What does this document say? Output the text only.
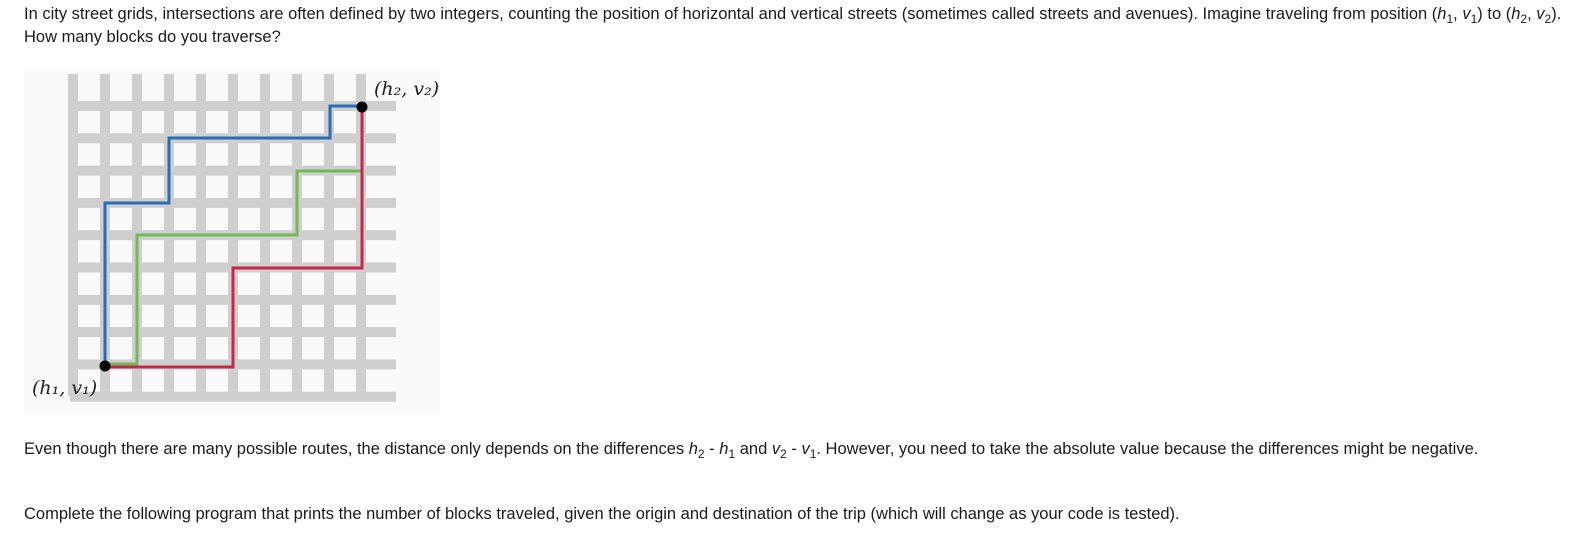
In city street grids, intersections are often defined by two integers, counting the position of horizontal and vertical streets (sometimes called streets and avenues). Imagine traveling from position ($h_1$, $v_1$) to ($h_2$, $v_2$). How many blocks do you traverse?

(h₁, v₁)
(h₂, v₂)

Even though there are many possible routes, the distance only depends on the differences $h_2 - h_1$ and $v_2 - v_1$. However, you need to take the absolute value because the differences might be negative.

Complete the following program that prints the number of blocks traveled, given the origin and destination of the trip (which will change as your code is tested).
